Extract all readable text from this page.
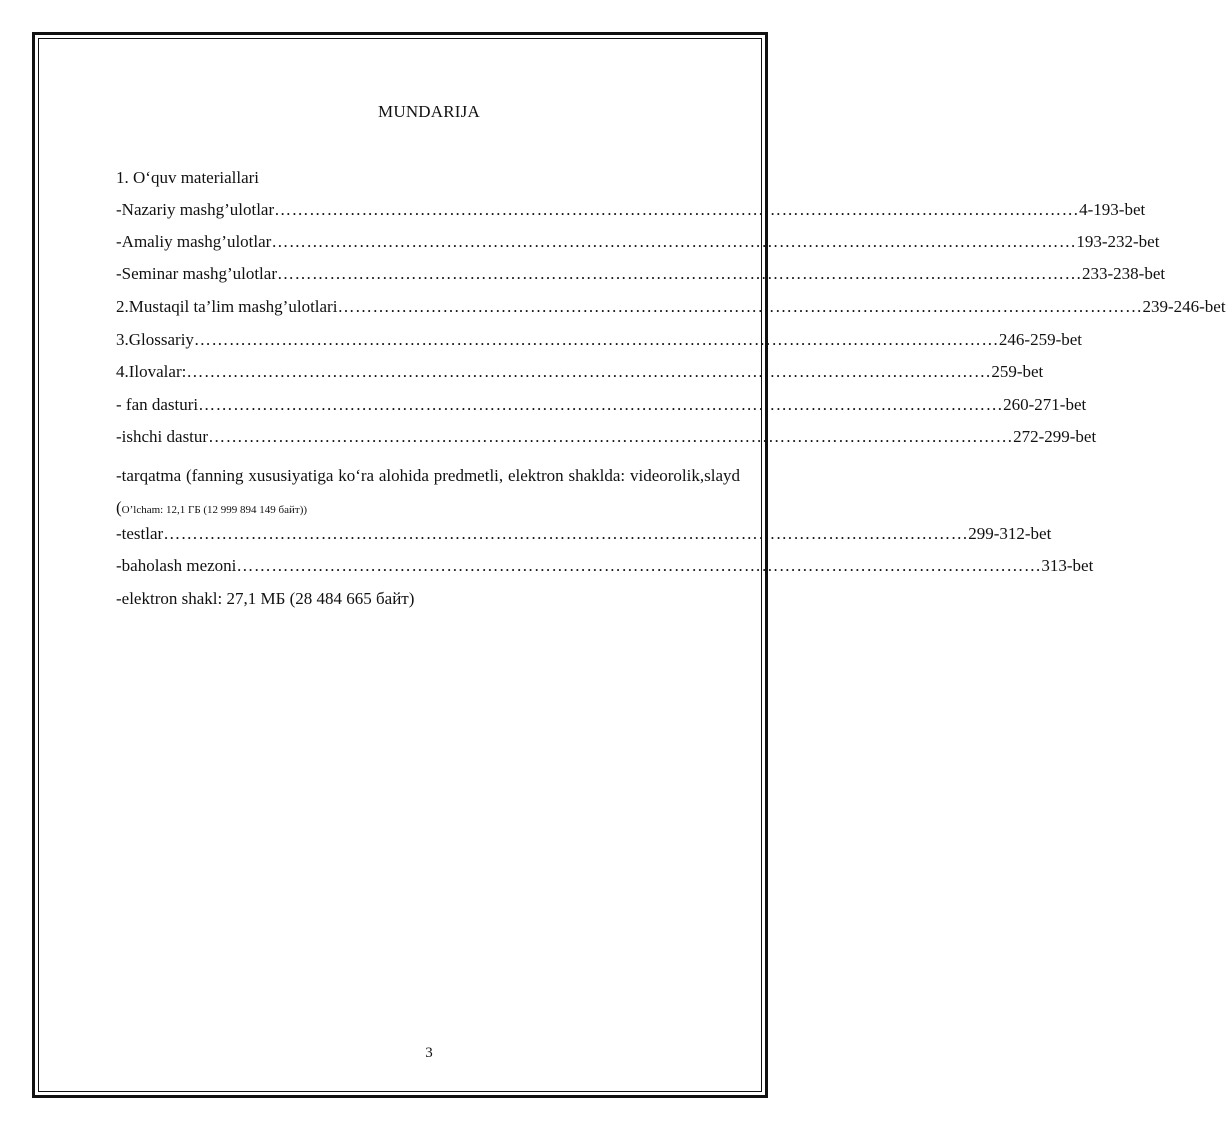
MUNDARIJA
1. O‘quv materiallari
-Nazariy mashg’ulotlar ………………………………………………………………………………………………………………………… 4-193-bet
-Amaliy mashg’ulotlar ………………………………………………………………………………………………………………………… 193-232-bet
-Seminar mashg’ulotlar ………………………………………………………………………………………………………………………… 233-238-bet
2.Mustaqil ta’lim mashg’ulotlari ………………………………………………………………………………………………………………………… 239-246-bet
3.Glossariy ………………………………………………………………………………………………………………………… 246-259-bet
4.Ilovalar: ………………………………………………………………………………………………………………………… 259-bet
- fan dasturi ………………………………………………………………………………………………………………………… 260-271-bet
-ishchi dastur ………………………………………………………………………………………………………………………… 272-299-bet
-tarqatma (fanning xususiyatiga ko‘ra alohida predmetli, elektron shaklda: videorolik,slayd (O’lcham: 12,1 ГБ (12 999 894 149 байт))
-testlar ………………………………………………………………………………………………………………………… 299-312-bet
-baholash mezoni ………………………………………………………………………………………………………………………… 313-bet
-elektron shakl: 27,1 МБ (28 484 665 байт)
3
